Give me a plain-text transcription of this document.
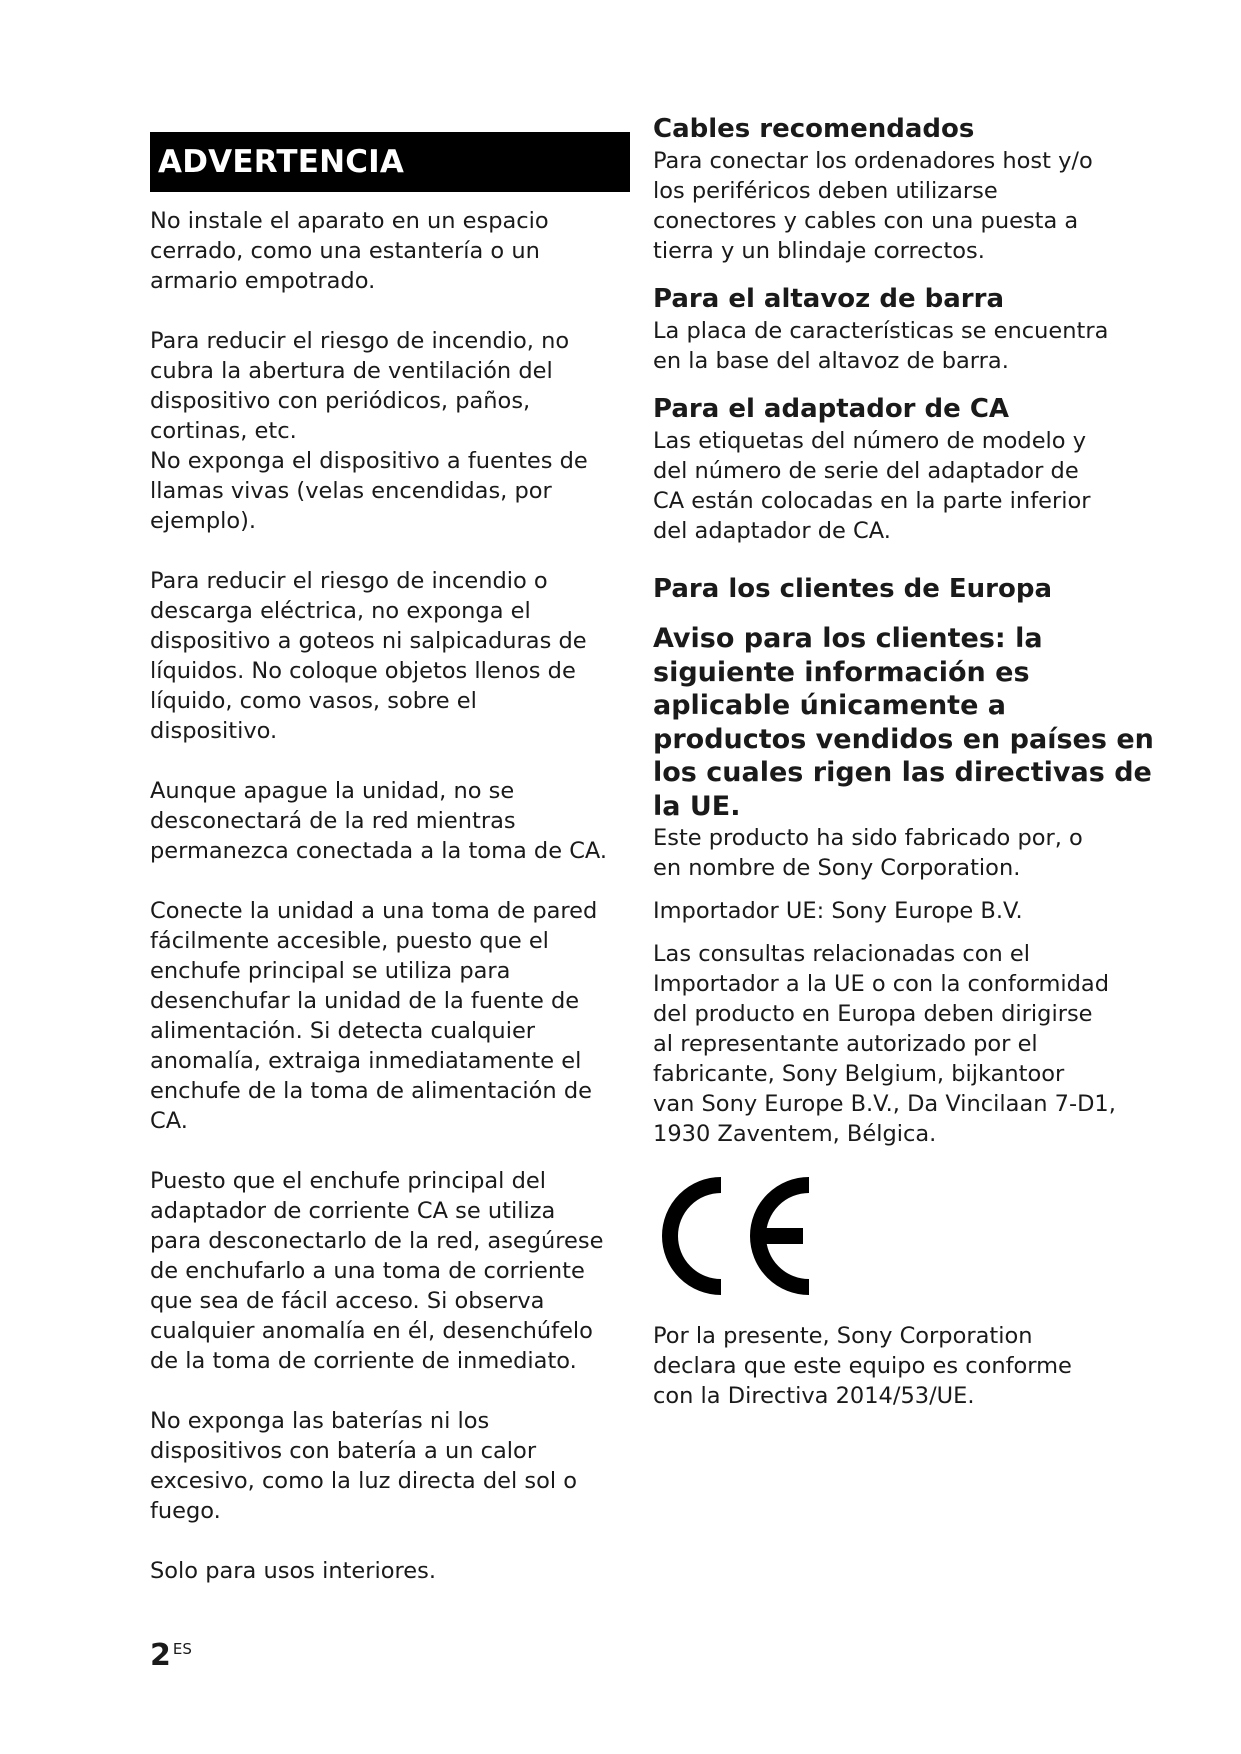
ADVERTENCIA

No instale el aparato en un espacio
cerrado, como una estantería o un
armario empotrado.

Para reducir el riesgo de incendio, no
cubra la abertura de ventilación del
dispositivo con periódicos, paños,
cortinas, etc.

No exponga el dispositivo a fuentes de
llamas vivas (velas encendidas, por
ejemplo).

Para reducir el riesgo de incendio o
descarga eléctrica, no exponga el
dispositivo a goteos ni salpicaduras de
líquidos. No coloque objetos llenos de
líquido, como vasos, sobre el
dispositivo.

Aunque apague la unidad, no se
desconectará de la red mientras
permanezca conectada a la toma de CA.

Conecte la unidad a una toma de pared
fácilmente accesible, puesto que el
enchufe principal se utiliza para
desenchufar la unidad de la fuente de
alimentación. Si detecta cualquier
anomalía, extraiga inmediatamente el
enchufe de la toma de alimentación de
CA.

Puesto que el enchufe principal del
adaptador de corriente CA se utiliza
para desconectarlo de la red, asegúrese
de enchufarlo a una toma de corriente
que sea de fácil acceso. Si observa
cualquier anomalía en él, desenchúfelo
de la toma de corriente de inmediato.

No exponga las baterías ni los
dispositivos con batería a un calor
excesivo, como la luz directa del sol o
fuego.

Solo para usos interiores.

Cables recomendados

Para conectar los ordenadores host y/o
los periféricos deben utilizarse
conectores y cables con una puesta a
tierra y un blindaje correctos.

Para el altavoz de barra

La placa de características se encuentra
en la base del altavoz de barra.

Para el adaptador de CA

Las etiquetas del número de modelo y
del número de serie del adaptador de
CA están colocadas en la parte inferior
del adaptador de CA.

Para los clientes de Europa
Aviso para los clientes: la
siguiente información es
aplicable únicamente a
productos vendidos en países en
los cuales rigen las directivas de
la UE.

Este producto ha sido fabricado por, o
en nombre de Sony Corporation.

Importador UE: Sony Europe B.V.

Las consultas relacionadas con el
Importador a la UE o con la conformidad
del producto en Europa deben dirigirse
al representante autorizado por el
fabricante, Sony Belgium, bijkantoor
van Sony Europe B.V., Da Vincilaan 7-D1,
1930 Zaventem, Bélgica.

Por la presente, Sony Corporation
declara que este equipo es conforme
con la Directiva 2014/53/UE.

2 $^{ES}$
